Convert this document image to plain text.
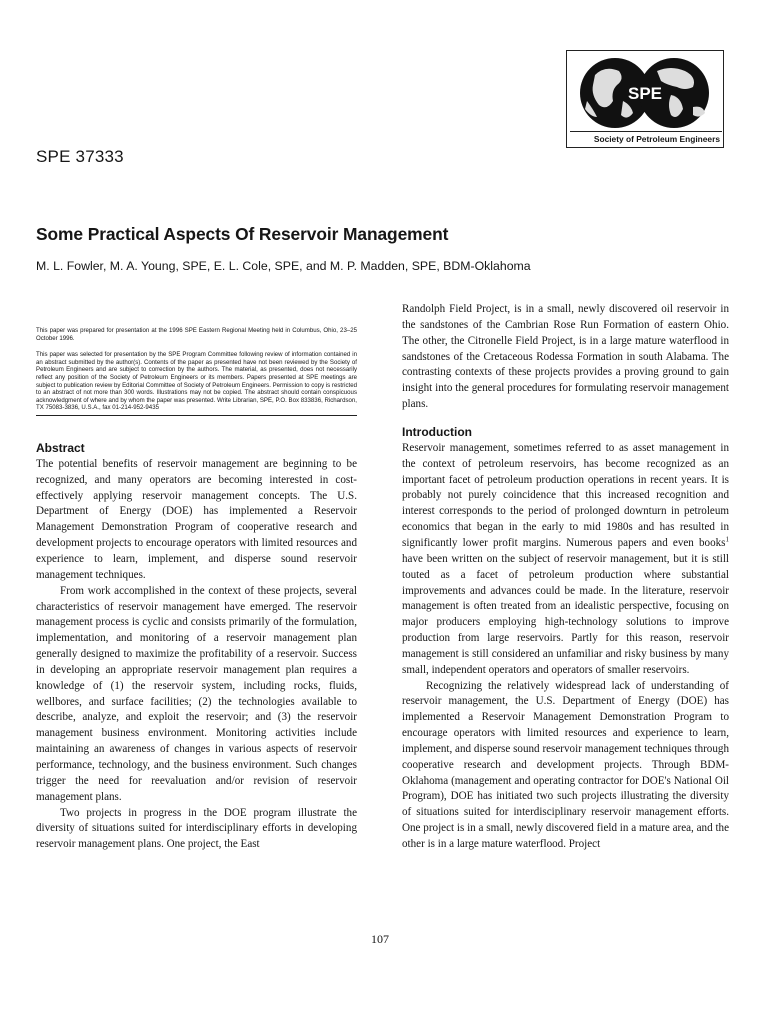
SPE
Society of Petroleum Engineers
SPE 37333
Some Practical Aspects Of Reservoir Management
M. L. Fowler, M. A. Young, SPE, E. L. Cole, SPE, and M. P. Madden, SPE, BDM-Oklahoma

This paper was prepared for presentation at the 1996 SPE Eastern Regional Meeting held in Columbus, Ohio, 23–25 October 1996.

This paper was selected for presentation by the SPE Program Committee following review of information contained in an abstract submitted by the author(s). Contents of the paper as presented have not been reviewed by the Society of Petroleum Engineers and are subject to correction by the authors. The material, as presented, does not necessarily reflect any position of the Society of Petroleum Engineers or its members. Papers presented at SPE meetings are subject to publication review by Editorial Committee of Society of Petroleum Engineers. Permission to copy is restricted to an abstract of not more than 300 words. Illustrations may not be copied. The abstract should contain conspicuous acknowledgment of where and by whom the paper was presented. Write Librarian, SPE, P.O. Box 833836, Richardson, TX 75083-3836, U.S.A., fax 01-214-952-9435

Abstract

The potential benefits of reservoir management are beginning to be recognized, and many operators are becoming interested in cost-effectively applying reservoir management concepts. The U.S. Department of Energy (DOE) has implemented a Reservoir Management Demonstration Program of cooperative research and development projects to encourage operators with limited resources and experience to learn, implement, and disperse sound reservoir management techniques.

From work accomplished in the context of these projects, several characteristics of reservoir management have emerged. The reservoir management process is cyclic and consists primarily of the formulation, implementation, and monitoring of a reservoir management plan generally designed to maximize the profitability of a reservoir. Success in developing an appropriate reservoir management plan requires a knowledge of (1) the reservoir system, including rocks, fluids, wellbores, and surface facilities; (2) the technologies available to describe, analyze, and exploit the reservoir; and (3) the reservoir management business environment. Monitoring activities include maintaining an awareness of changes in various aspects of reservoir performance, technology, and the business environment. Such changes trigger the need for reevaluation and/or revision of reservoir management plans.

Two projects in progress in the DOE program illustrate the diversity of situations suited for interdisciplinary efforts in developing reservoir management plans. One project, the East

Randolph Field Project, is in a small, newly discovered oil reservoir in the sandstones of the Cambrian Rose Run Formation of eastern Ohio. The other, the Citronelle Field Project, is in a large mature waterflood in sandstones of the Cretaceous Rodessa Formation in south Alabama. The contrasting contexts of these projects provides a proving ground to gain insight into the general procedures for formulating reservoir management plans.

Introduction

Reservoir management, sometimes referred to as asset management in the context of petroleum reservoirs, has become recognized as an important facet of petroleum production operations in recent years. It is probably not purely coincidence that this increased recognition and interest corresponds to the period of prolonged downturn in petroleum economics that began in the early to mid 1980s and has resulted in significantly lower profit margins. Numerous papers and even books$^1$ have been written on the subject of reservoir management, but it is still touted as a facet of petroleum production where substantial improvements and advances could be made. In the literature, reservoir management is often treated from an idealistic perspective, focusing on major producers employing high-technology solutions to improve production from large reservoirs. Partly for this reason, reservoir management is still considered an unfamiliar and risky business by many small, independent operators and operators of smaller reservoirs.

Recognizing the relatively widespread lack of understanding of reservoir management, the U.S. Department of Energy (DOE) has implemented a Reservoir Management Demonstration Program to encourage operators with limited resources and experience to learn, implement, and disperse sound reservoir management techniques through cooperative research and development projects. Through BDM-Oklahoma (management and operating contractor for DOE's National Oil Program), DOE has initiated two such projects illustrating the diversity of situations suited for interdisciplinary reservoir management efforts. One project is in a small, newly discovered field in a mature area, and the other is in a large mature waterflood. Project

107
